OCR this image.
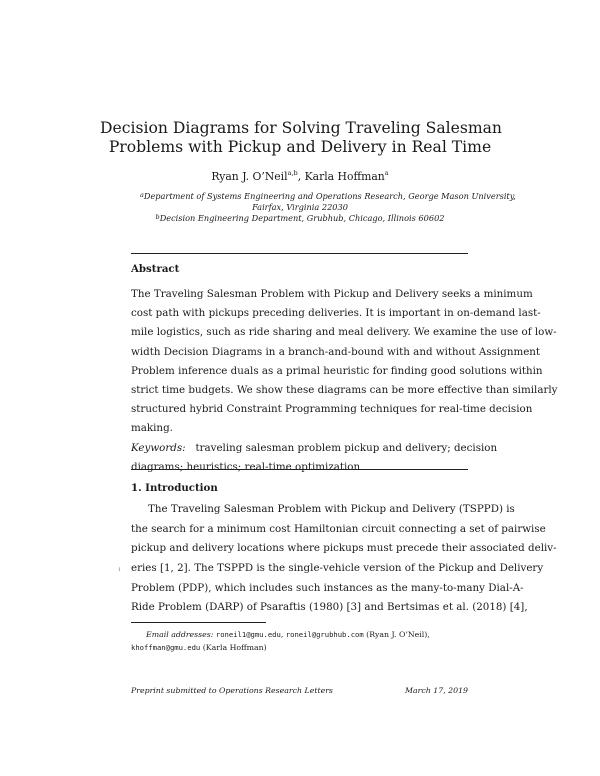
Decision Diagrams for Solving Traveling Salesman
Problems with Pickup and Delivery in Real Time
Ryan J. O’Neil$^{a,b}$, Karla Hoffman$^a$
$^a$Department of Systems Engineering and Operations Research, George Mason University,
Fairfax, Virginia 22030
$^b$Decision Engineering Department, Grubhub, Chicago, Illinois 60602
Abstract
The Traveling Salesman Problem with Pickup and Delivery seeks a minimum
cost path with pickups preceding deliveries. It is important in on-demand last-
mile logistics, such as ride sharing and meal delivery. We examine the use of low-
width Decision Diagrams in a branch-and-bound with and without Assignment
Problem inference duals as a primal heuristic for finding good solutions within
strict time budgets. We show these diagrams can be more effective than similarly
structured hybrid Constraint Programming techniques for real-time decision
making.
Keywords: traveling salesman problem pickup and delivery; decision
diagrams; heuristics; real-time optimization
1. Introduction
The Traveling Salesman Problem with Pickup and Delivery (TSPPD) is
the search for a minimum cost Hamiltonian circuit connecting a set of pairwise
pickup and delivery locations where pickups must precede their associated deliv-
eries [1, 2]. The TSPPD is the single-vehicle version of the Pickup and Delivery
Problem (PDP), which includes such instances as the many-to-many Dial-A-
Ride Problem (DARP) of Psaraftis (1980) [3] and Bertsimas et al. (2018) [4],
1
Email addresses: roneil1@gmu.edu, roneil@grubhub.com (Ryan J. O’Neil),
khoffman@gmu.edu (Karla Hoffman)
Preprint submitted to Operations Research Letters	March 17, 2019
